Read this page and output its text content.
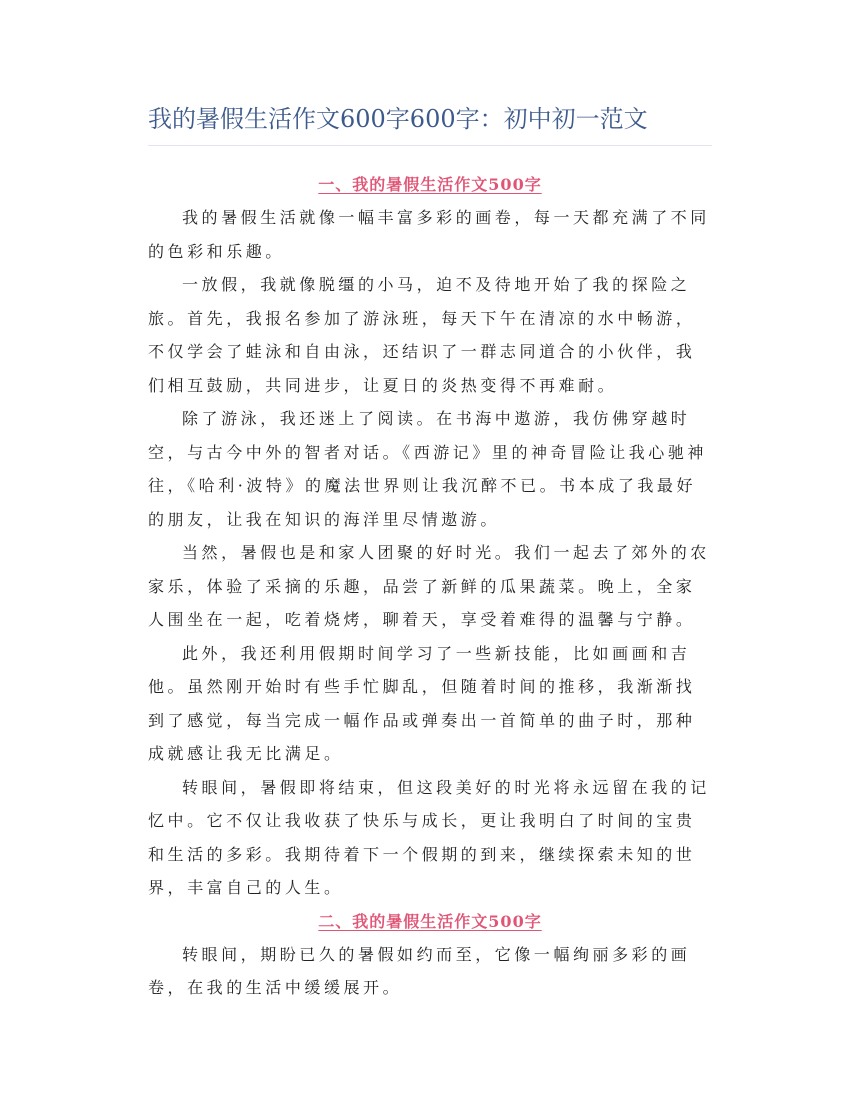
我的暑假生活作文600字600字：初中初一范文
一、我的暑假生活作文500字

我的暑假生活就像一幅丰富多彩的画卷，每一天都充满了不同的色彩和乐趣。

一放假，我就像脱缰的小马，迫不及待地开始了我的探险之旅。首先，我报名参加了游泳班，每天下午在清凉的水中畅游，不仅学会了蛙泳和自由泳，还结识了一群志同道合的小伙伴，我们相互鼓励，共同进步，让夏日的炎热变得不再难耐。

除了游泳，我还迷上了阅读。在书海中遨游，我仿佛穿越时空，与古今中外的智者对话。《西游记》里的神奇冒险让我心驰神往，《哈利·波特》的魔法世界则让我沉醉不已。书本成了我最好的朋友，让我在知识的海洋里尽情遨游。

当然，暑假也是和家人团聚的好时光。我们一起去了郊外的农家乐，体验了采摘的乐趣，品尝了新鲜的瓜果蔬菜。晚上，全家人围坐在一起，吃着烧烤，聊着天，享受着难得的温馨与宁静。

此外，我还利用假期时间学习了一些新技能，比如画画和吉他。虽然刚开始时有些手忙脚乱，但随着时间的推移，我渐渐找到了感觉，每当完成一幅作品或弹奏出一首简单的曲子时，那种成就感让我无比满足。

转眼间，暑假即将结束，但这段美好的时光将永远留在我的记忆中。它不仅让我收获了快乐与成长，更让我明白了时间的宝贵和生活的多彩。我期待着下一个假期的到来，继续探索未知的世界，丰富自己的人生。

二、我的暑假生活作文500字

转眼间，期盼已久的暑假如约而至，它像一幅绚丽多彩的画卷，在我的生活中缓缓展开。
